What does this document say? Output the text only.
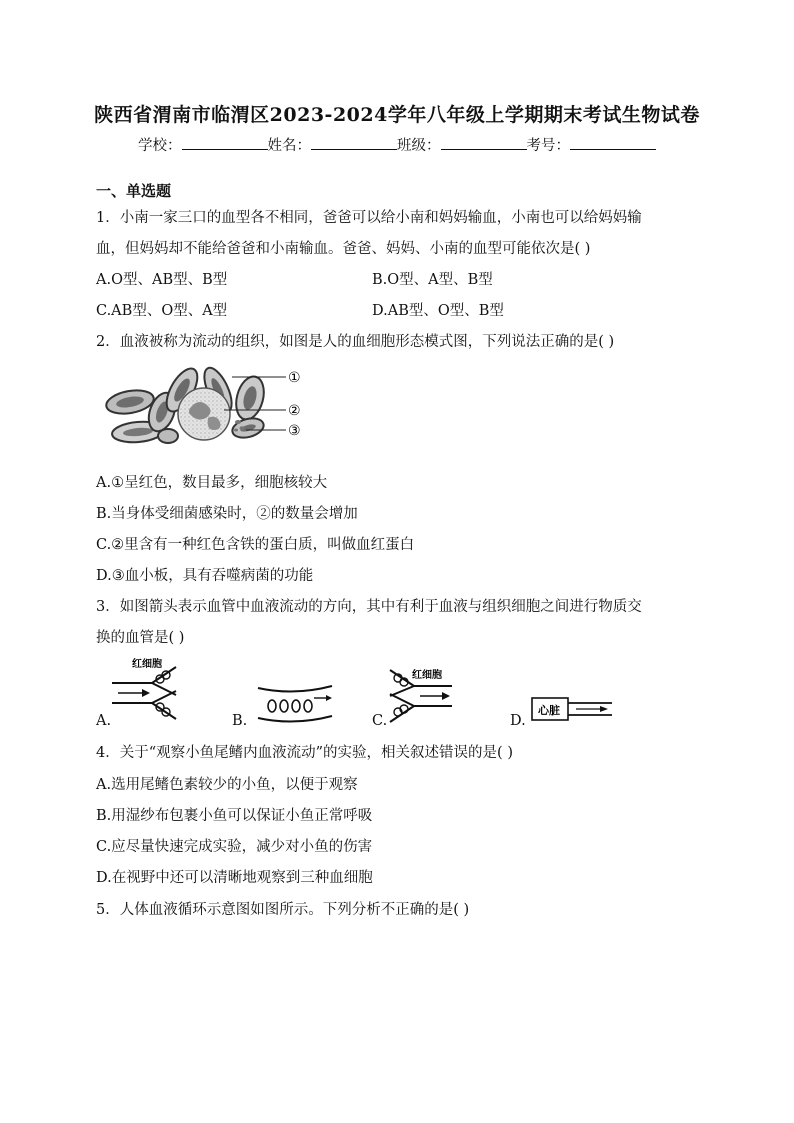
陕西省渭南市临渭区2023-2024学年八年级上学期期末考试生物试卷
学校：	姓名：	班级：	考号：
一、单选题
1．小南一家三口的血型各不相同，爸爸可以给小南和妈妈输血，小南也可以给妈妈输
血，但妈妈却不能给爸爸和小南输血。爸爸、妈妈、小南的血型可能依次是( )
A.O型、AB型、B型	B.O型、A型、B型
C.AB型、O型、A型	D.AB型、O型、B型
2．血液被称为流动的组织，如图是人的血细胞形态模式图，下列说法正确的是( )
①
②
③
A.①呈红色，数目最多，细胞核较大
B.当身体受细菌感染时，②的数量会增加
C.②里含有一种红色含铁的蛋白质，叫做血红蛋白
D.③血小板，具有吞噬病菌的功能
3．如图箭头表示血管中血液流动的方向，其中有利于血液与组织细胞之间进行物质交
换的血管是( )
A.
红细胞
B.	C.
红细胞
D.
心脏
4．关于“观察小鱼尾鳍内血液流动”的实验，相关叙述错误的是( )
A.选用尾鳍色素较少的小鱼，以便于观察
B.用湿纱布包裹小鱼可以保证小鱼正常呼吸
C.应尽量快速完成实验，减少对小鱼的伤害
D.在视野中还可以清晰地观察到三种血细胞
5．人体血液循环示意图如图所示。下列分析不正确的是( )
